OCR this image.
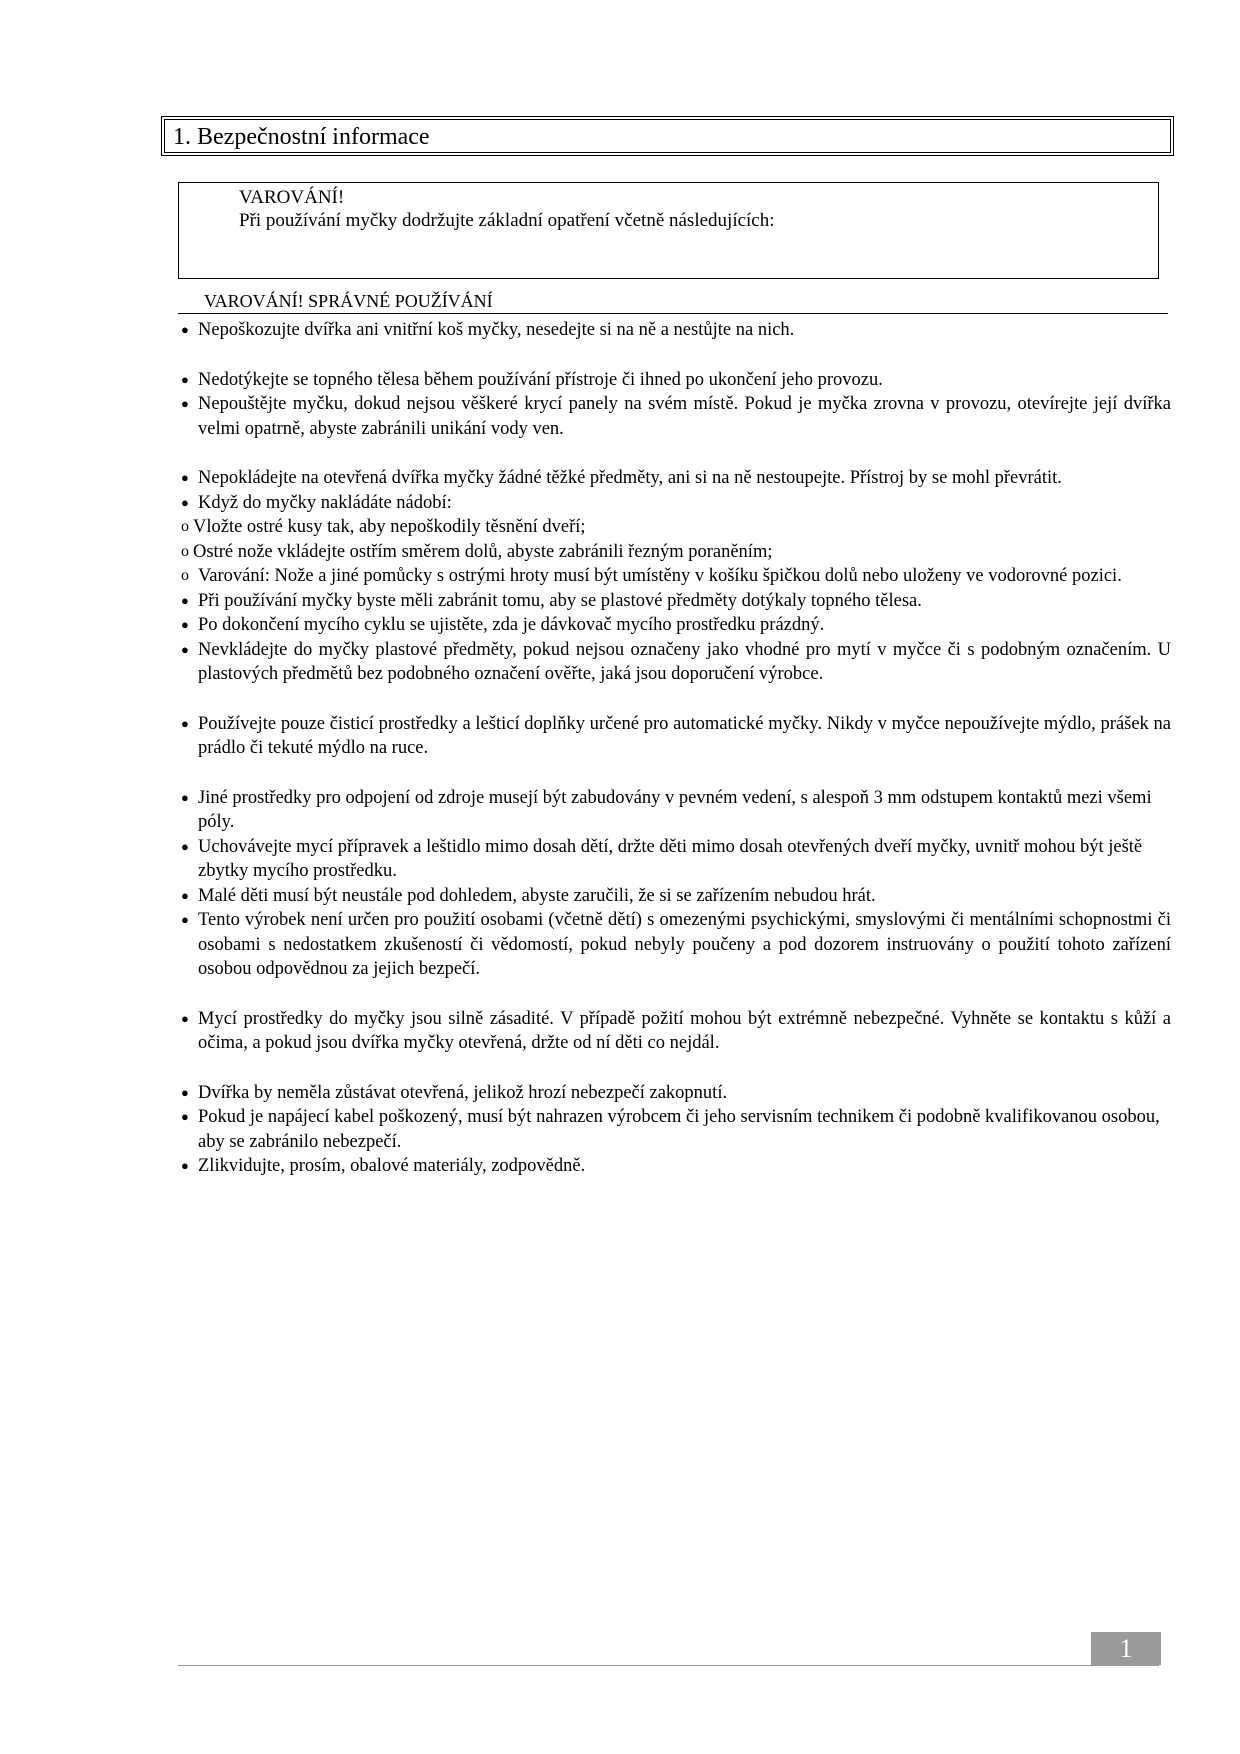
1. Bezpečnostní informace
VAROVÁNÍ!
Při používání myčky dodržujte základní opatření včetně následujících:
VAROVÁNÍ! SPRÁVNÉ POUŽÍVÁNÍ
● Nepoškozujte dvířka ani vnitřní koš myčky, nesedejte si na ně a nestůjte na nich.
● Nedotýkejte se topného tělesa během používání přístroje či ihned po ukončení jeho provozu.
● Nepouštějte myčku, dokud nejsou věškeré krycí panely na svém místě. Pokud je myčka zrovna v provozu, otevírejte její dvířka velmi opatrně, abyste zabránili unikání vody ven.
● Nepokládejte na otevřená dvířka myčky žádné těžké předměty, ani si na ně nestoupejte. Přístroj by se mohl převrátit.
● Když do myčky nakládáte nádobí:
o Vložte ostré kusy tak, aby nepoškodily těsnění dveří;
o Ostré nože vkládejte ostřím směrem dolů, abyste zabránili řezným poraněním;
o Varování: Nože a jiné pomůcky s ostrými hroty musí být umístěny v košíku špičkou dolů nebo uloženy ve vodorovné pozici.
● Při používání myčky byste měli zabránit tomu, aby se plastové předměty dotýkaly topného tělesa.
● Po dokončení mycího cyklu se ujistěte, zda je dávkovač mycího prostředku prázdný.
● Nevkládejte do myčky plastové předměty, pokud nejsou označeny jako vhodné pro mytí v myčce či s podobným označením. U plastových předmětů bez podobného označení ověřte, jaká jsou doporučení výrobce.
● Používejte pouze čisticí prostředky a lešticí doplňky určené pro automatické myčky. Nikdy v myčce nepoužívejte mýdlo, prášek na prádlo či tekuté mýdlo na ruce.
● Jiné prostředky pro odpojení od zdroje musejí být zabudovány v pevném vedení, s alespoň 3 mm odstupem kontaktů mezi všemi póly.
● Uchovávejte mycí přípravek a leštidlo mimo dosah dětí, držte děti mimo dosah otevřených dveří myčky, uvnitř mohou být ještě zbytky mycího prostředku.
● Malé děti musí být neustále pod dohledem, abyste zaručili, že si se zařízením nebudou hrát.
● Tento výrobek není určen pro použití osobami (včetně dětí) s omezenými psychickými, smyslovými či mentálními schopnostmi či osobami s nedostatkem zkušeností či vědomostí, pokud nebyly poučeny a pod dozorem instruovány o použití tohoto zařízení osobou odpovědnou za jejich bezpečí.
● Mycí prostředky do myčky jsou silně zásadité. V případě požití mohou být extrémně nebezpečné. Vyhněte se kontaktu s kůží a očima, a pokud jsou dvířka myčky otevřená, držte od ní děti co nejdál.
● Dvířka by neměla zůstávat otevřená, jelikož hrozí nebezpečí zakopnutí.
● Pokud je napájecí kabel poškozený, musí být nahrazen výrobcem či jeho servisním technikem či podobně kvalifikovanou osobou, aby se zabránilo nebezpečí.
● Zlikvidujte, prosím, obalové materiály, zodpovědně.
1
